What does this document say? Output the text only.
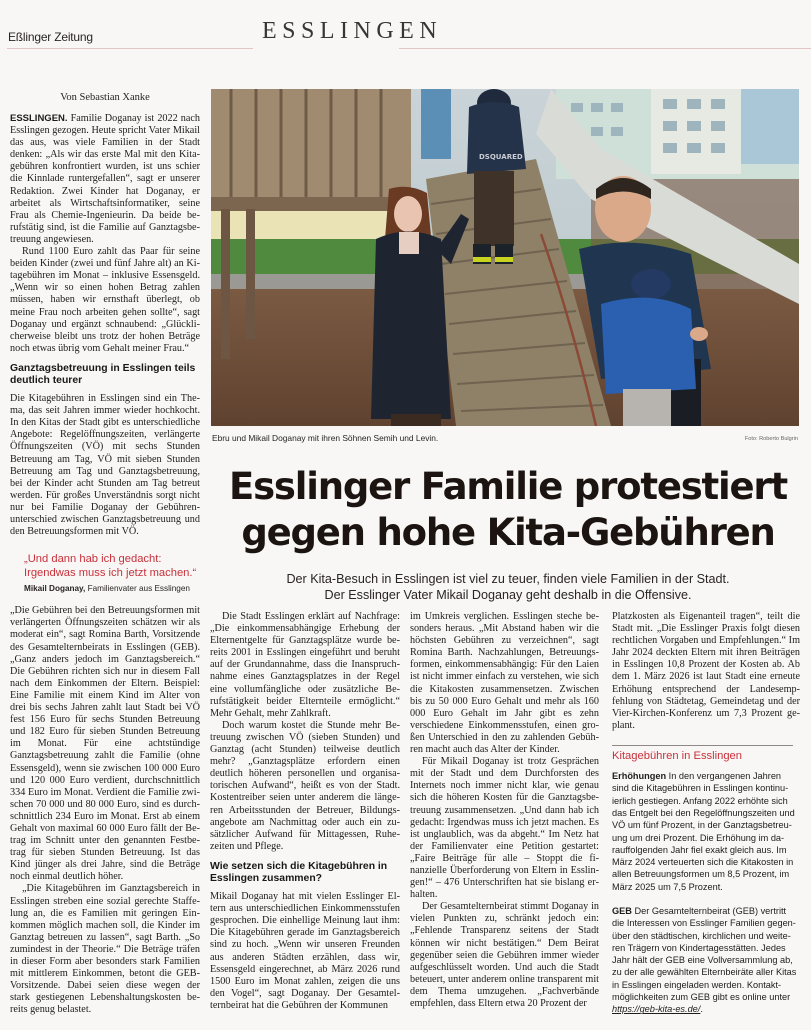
Eßlinger Zeitung	ESSLINGEN
Von Sebastian Xanke

ESSLINGEN. Familie Doganay ist 2022 nach Esslingen gezogen. Heute spricht Vater Mikail das aus, was viele Familien in der Stadt denken: „Als wir das erste Mal mit den Kitagebühren konfrontiert wurden, ist uns schier die Kinnlade runtergefallen“, sagt er unserer Redaktion. Zwei Kinder hat Doganay, er arbeitet als Wirtschaftsinformatiker, seine Frau als Chemie-Ingenieurin. Da beide berufstätig sind, ist die Familie auf Ganztagsbetreuung angewiesen.

Rund 1100 Euro zahlt das Paar für seine beiden Kinder (zwei und fünf Jahre alt) an Kitagebühren im Monat – inklusive Essensgeld. „Wenn wir so einen hohen Betrag zahlen müssen, haben wir ernsthaft überlegt, ob meine Frau noch arbeiten gehen sollte“, sagt Doganay und ergänzt schnaubend: „Glücklicherweise bleibt uns trotz der hohen Beträge noch etwas übrig vom Gehalt meiner Frau.“

Ganztagsbetreuung in Esslingen teils deutlich teurer

Die Kitagebühren in Esslingen sind ein Thema, das seit Jahren immer wieder hochkocht. In den Kitas der Stadt gibt es unterschiedliche Angebote: Regelöffnungszeiten, verlängerte Öffnungszeiten (VÖ) mit sechs Stunden Betreuung am Tag, VÖ mit sieben Stunden Betreuung am Tag und Ganztagsbetreuung, bei der Kinder acht Stunden am Tag betreut werden. Für großes Unverständnis sorgt nicht nur bei Familie Doganay der Gebührenunterschied zwischen Ganztagsbetreuung und den Betreuungsformen mit VÖ.

„Und dann hab ich gedacht: Irgendwas muss ich jetzt machen.“
Mikail Doganay, Familienvater aus Esslingen

„Die Gebühren bei den Betreuungsformen mit verlängerten Öffnungszeiten schätzen wir als moderat ein“, sagt Romina Barth, Vorsitzende des Gesamtelternbeirats in Esslingen (GEB). „Ganz anders jedoch im Ganztagsbereich.“ Die Gebühren richten sich nur in diesem Fall nach dem Einkommen der Eltern. Beispiel: Eine Familie mit einem Kind im Alter von drei bis sechs Jahren zahlt laut Stadt bei VÖ fest 156 Euro für sechs Stunden Betreuung und 182 Euro für sieben Stunden Betreuung im Monat. Für eine achtstündige Ganztagsbetreuung zahlt die Familie (ohne Essensgeld), wenn sie zwischen 100 000 Euro und 120 000 Euro verdient, durchschnittlich 334 Euro im Monat. Verdient die Familie zwischen 70 000 und 80 000 Euro, sind es durchschnittlich 234 Euro im Monat. Erst ab einem Gehalt von maximal 60 000 Euro fällt der Betrag im Schnitt unter den genannten Festbetrag für sieben Stunden Betreuung. Ist das Kind jünger als drei Jahre, sind die Beträge noch einmal deutlich höher.

„Die Kitagebühren im Ganztagsbereich in Esslingen streben eine sozial gerechte Staffelung an, die es Familien mit geringen Einkommen möglich machen soll, die Kinder im Ganztag betreuen zu lassen“, sagt Barth. „So zumindest in der Theorie.“ Die Beträge träfen in dieser Form aber besonders stark Familien mit mittlerem Einkommen, betont die GEB-Vorsitzende. Dabei seien diese wegen der stark gestiegenen Lebenshaltungskosten bereits genug belastet.

DSQUARED
Ebru und Mikail Doganay mit ihren Söhnen Semih und Levin.	Foto: Roberto Bulgrin
Esslinger Familie protestiert
gegen hohe Kita-Gebühren
Der Kita-Besuch in Esslingen ist viel zu teuer, finden viele Familien in der Stadt.
Der Esslinger Vater Mikail Doganay geht deshalb in die Offensive.

Die Stadt Esslingen erklärt auf Nachfrage: „Die einkommensabhängige Erhebung der Elternentgelte für Ganztagsplätze wurde bereits 2001 in Esslingen eingeführt und beruht auf der Grundannahme, dass die Inanspruchnahme eines Ganztagsplatzes in der Regel eine vollumfängliche oder zusätzliche Berufstätigkeit beider Elternteile ermöglicht.“ Mehr Gehalt, mehr Zahlkraft.

Doch warum kostet die Stunde mehr Betreuung zwischen VÖ (sieben Stunden) und Ganztag (acht Stunden) teilweise deutlich mehr? „Ganztagsplätze erfordern einen deutlich höheren personellen und organisatorischen Aufwand“, heißt es von der Stadt. Kostentreiber seien unter anderem die längeren Arbeitsstunden der Betreuer, Bildungsangebote am Nachmittag oder auch ein zusätzlicher Aufwand für Mittagessen, Ruhezeiten und Pflege.

Wie setzen sich die Kitagebühren in Esslingen zusammen?

Mikail Doganay hat mit vielen Esslinger Eltern aus unterschiedlichen Einkommensstufen gesprochen. Die einhellige Meinung laut ihm: Die Kitagebühren gerade im Ganztagsbereich sind zu hoch. „Wenn wir unseren Freunden aus anderen Städten erzählen, dass wir, Essensgeld eingerechnet, ab März 2026 rund 1500 Euro im Monat zahlen, zeigen die uns den Vogel“, sagt Doganay. Der Gesamtelternbeirat hat die Gebühren der Kommunen

im Umkreis verglichen. Esslingen steche besonders heraus. „Mit Abstand haben wir die höchsten Gebühren zu verzeichnen“, sagt Romina Barth. Nachzahlungen, Betreuungsformen, einkommensabhängig: Für den Laien ist nicht immer einfach zu verstehen, wie sich die Kitakosten zusammensetzen. Zwischen bis zu 50 000 Euro Gehalt und mehr als 160 000 Euro Gehalt im Jahr gibt es zehn verschiedene Einkommensstufen, einen großen Unterschied in den zu zahlenden Gebühren macht auch das Alter der Kinder.

Für Mikail Doganay ist trotz Gesprächen mit der Stadt und dem Durchforsten des Internets noch immer nicht klar, wie genau sich die höheren Kosten für die Ganztagsbetreuung zusammensetzen. „Und dann hab ich gedacht: Irgendwas muss ich jetzt machen. Es ist unglaublich, was da abgeht.“ Im Netz hat der Familienvater eine Petition gestartet: „Faire Beiträge für alle – Stoppt die finanzielle Überforderung von Eltern in Esslingen!“ – 476 Unterschriften hat sie bislang erhalten.

Der Gesamtelternbeirat stimmt Doganay in vielen Punkten zu, schränkt jedoch ein: „Fehlende Transparenz seitens der Stadt können wir nicht bestätigen.“ Dem Beirat gegenüber seien die Gebühren immer wieder aufgeschlüsselt worden. Und auch die Stadt beteuert, unter anderem online transparent mit dem Thema umzugehen. „Fachverbände empfehlen, dass Eltern etwa 20 Prozent der

Platzkosten als Eigenanteil tragen“, teilt die Stadt mit. „Die Esslinger Praxis folgt diesen rechtlichen Vorgaben und Empfehlungen.“ Im Jahr 2024 deckten Eltern mit ihren Beiträgen in Esslingen 10,8 Prozent der Kosten ab. Ab dem 1. März 2026 ist laut Stadt eine erneute Erhöhung entsprechend der Landesempfehlung von Städtetag, Gemeindetag und der Vier-Kirchen-Konferenz um 7,3 Prozent geplant.

Kitagebühren in Esslingen

Erhöhungen In den vergangenen Jahren sind die Kitagebühren in Esslingen kontinuierlich gestiegen. Anfang 2022 erhöhte sich das Entgelt bei den Regelöffnungszeiten und VÖ um fünf Prozent, in der Ganztagsbetreuung um drei Prozent. Die Erhöhung im darauffolgenden Jahr fiel exakt gleich aus. Im März 2024 verteuerten sich die Kitakosten in allen Betreuungsformen um 8,5 Prozent, im März 2025 um 7,5 Prozent.

GEB Der Gesamtelternbeirat (GEB) vertritt die Interessen von Esslinger Familien gegenüber den städtischen, kirchlichen und weiteren Trägern von Kindertagesstätten. Jedes Jahr hält der GEB eine Vollversammlung ab, zu der alle gewählten Elternbeiräte aller Kitas in Esslingen eingeladen werden. Kontaktmöglichkeiten zum GEB gibt es online unter https://geb-kita-es.de/.
